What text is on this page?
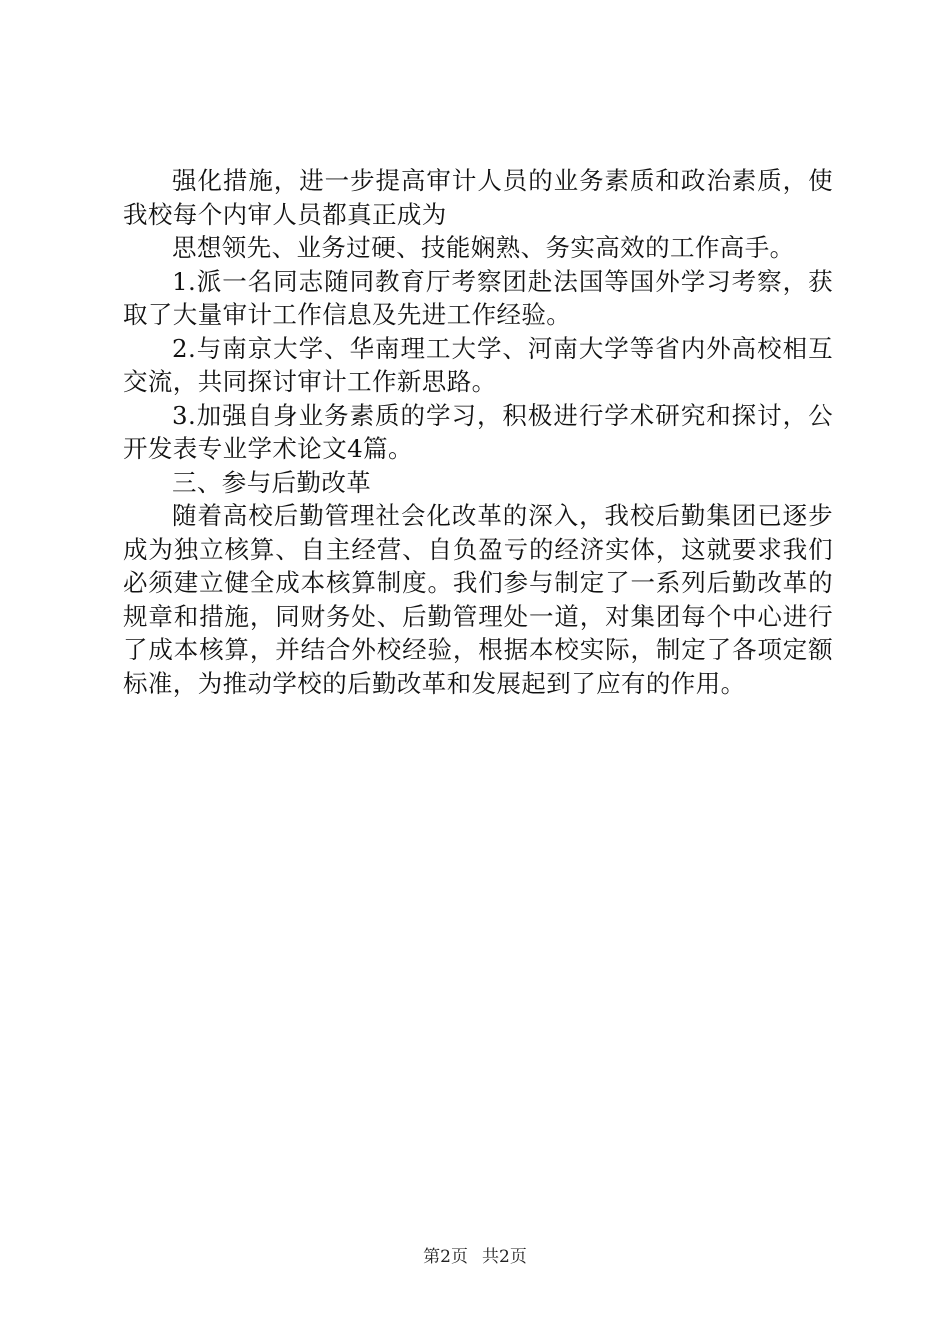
强化措施，进一步提高审计人员的业务素质和政治素质，使我校每个内审人员都真正成为

思想领先、业务过硬、技能娴熟、务实高效的工作高手。

1.派一名同志随同教育厅考察团赴法国等国外学习考察，获取了大量审计工作信息及先进工作经验。

2.与南京大学、华南理工大学、河南大学等省内外高校相互交流，共同探讨审计工作新思路。

3.加强自身业务素质的学习，积极进行学术研究和探讨，公开发表专业学术论文4篇。

三、参与后勤改革

随着高校后勤管理社会化改革的深入，我校后勤集团已逐步成为独立核算、自主经营、自负盈亏的经济实体，这就要求我们必须建立健全成本核算制度。我们参与制定了一系列后勤改革的规章和措施，同财务处、后勤管理处一道，对集团每个中心进行了成本核算，并结合外校经验，根据本校实际，制定了各项定额标准，为推动学校的后勤改革和发展起到了应有的作用。

第2页 共2页
